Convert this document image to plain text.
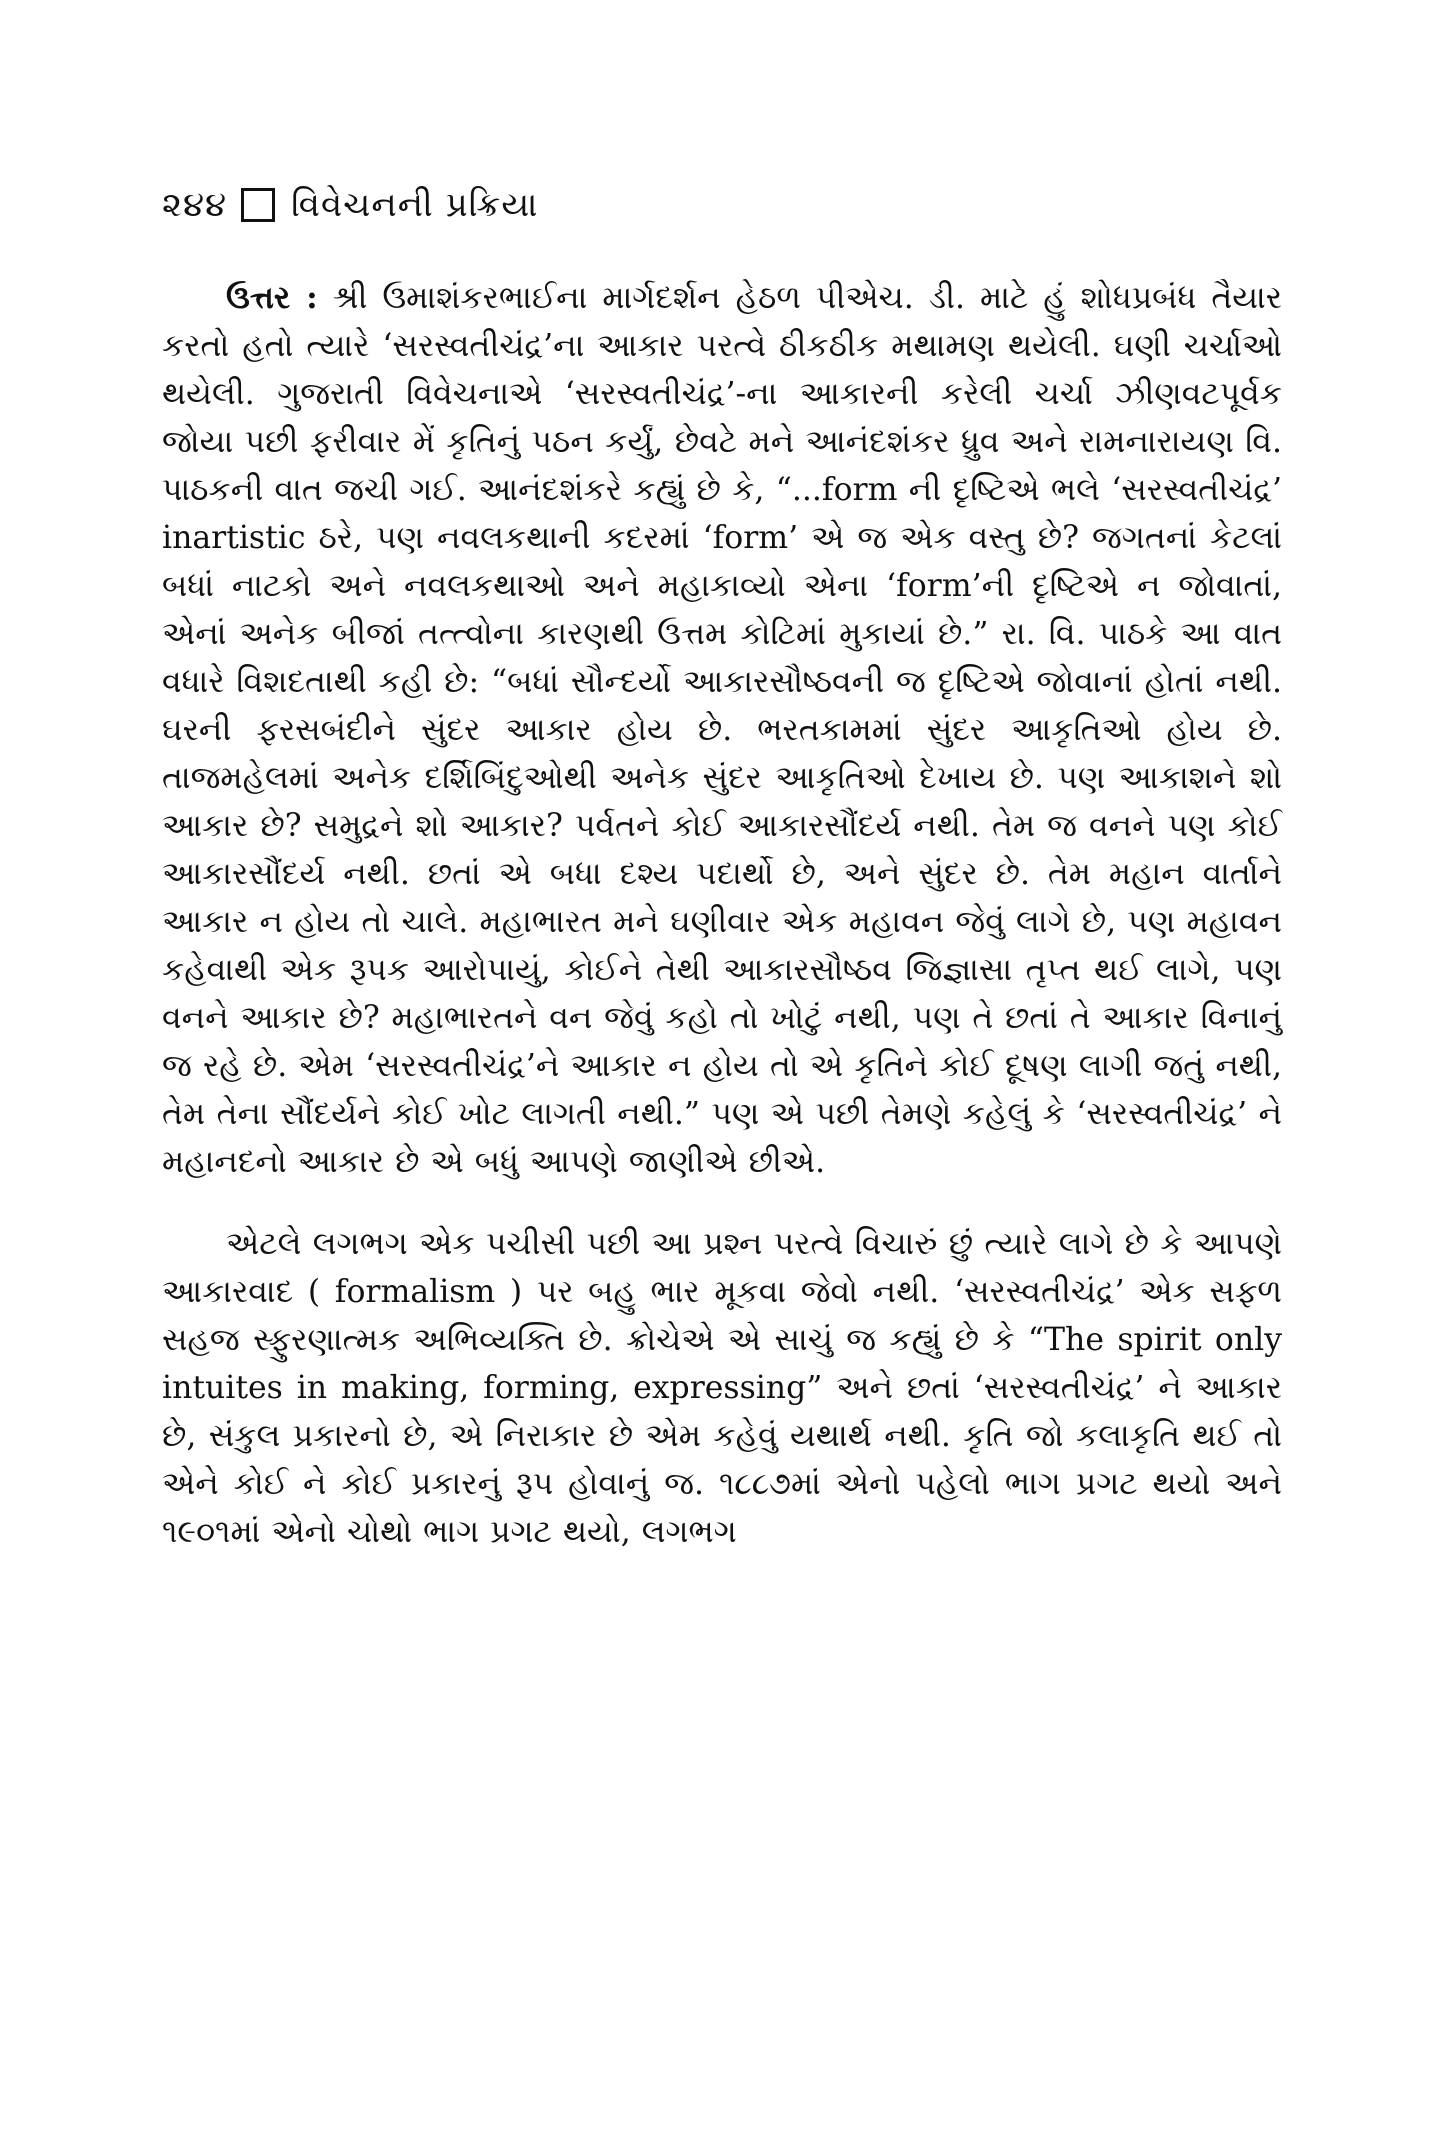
૨૪૪ વિવેચનની પ્રક્રિયા

ઉત્તર : શ્રી ઉમાશંકરભાઈના માર્ગદર્શન હેઠળ પીએચ. ડી. માટે હું શોધપ્રબંધ તૈયાર કરતો હતો ત્યારે ‘સરસ્વતીચંદ્ર’ના આકાર પરત્વે ઠીકઠીક મથામણ થયેલી. ઘણી ચર્ચાઓ થયેલી. ગુજરાતી વિવેચનાએ ‘સરસ્વતીચંદ્ર’-ના આકારની કરેલી ચર્ચા ઝીણવટપૂર્વક જોયા પછી ફરીવાર મેં કૃતિનું પઠન કર્યું, છેવટે મને આનંદશંકર ધ્રુવ અને રામનારાયણ વિ. પાઠકની વાત જચી ગઈ. આનંદશંકરે કહ્યું છે કે, “...form ની દૃષ્ટિએ ભલે ‘સરસ્વતીચંદ્ર’ inartistic ઠરે, પણ નવલકથાની કદરમાં ‘form’ એ જ એક વસ્તુ છે? જગતનાં કેટલાં બધાં નાટકો અને નવલકથાઓ અને મહાકાવ્યો એના ‘form’ની દૃષ્ટિએ ન જોવાતાં, એનાં અનેક બીજાં તત્ત્વોના કારણથી ઉત્તમ કોટિમાં મુકાયાં છે.” રા. વિ. પાઠકે આ વાત વધારે વિશદતાથી કહી છે: “બધાં સૌન્દર્યો આકારસૌષ્ઠવની જ દૃષ્ટિએ જોવાનાં હોતાં નથી. ઘરની ફરસબંદીને સુંદર આકાર હોય છે. ભરતકામમાં સુંદર આકૃતિઓ હોય છે. તાજમહેલમાં અનેક દર્શિબિંદુઓથી અનેક સુંદર આકૃતિઓ દેખાય છે. પણ આકાશને શો આકાર છે? સમુદ્રને શો આકાર? પર્વતને કોઈ આકારસૌંદર્ય નથી. તેમ જ વનને પણ કોઈ આકારસૌંદર્ય નથી. છતાં એ બધા દશ્ય પદાર્થો છે, અને સુંદર છે. તેમ મહાન વાર્તાને આકાર ન હોય તો ચાલે. મહાભારત મને ઘણીવાર એક મહાવન જેવું લાગે છે, પણ મહાવન કહેવાથી એક રૂપક આરોપાયું, કોઈને તેથી આકારસૌષ્ઠવ જિજ્ઞાસા તૃપ્ત થઈ લાગે, પણ વનને આકાર છે? મહાભારતને વન જેવું કહો તો ખોટું નથી, પણ તે છતાં તે આકાર વિનાનું જ રહે છે. એમ ‘સરસ્વતીચંદ્ર’ને આકાર ન હોય તો એ કૃતિને કોઈ દૂષણ લાગી જતું નથી, તેમ તેના સૌંદર્યને કોઈ ખોટ લાગતી નથી.” પણ એ પછી તેમણે કહેલું કે ‘સરસ્વતીચંદ્ર’ ને મહાનદનો આકાર છે એ બધું આપણે જાણીએ છીએ.

એટલે લગભગ એક પચીસી પછી આ પ્રશ્ન પરત્વે વિચારું છું ત્યારે લાગે છે કે આપણે આકારવાદ ( formalism ) પર બહુ ભાર મૂકવા જેવો નથી. ‘સરસ્વતીચંદ્ર’ એક સફળ સહજ સ્ફુરણાત્મક અભિવ્યક્તિ છે. ક્રોચેએ એ સાચું જ કહ્યું છે કે “The spirit only intuites in making, forming, expressing” અને છતાં ‘સરસ્વતીચંદ્ર’ ને આકાર છે, સંકુલ પ્રકારનો છે, એ નિરાકાર છે એમ કહેવું યથાર્થ નથી. કૃતિ જો કલાકૃતિ થઈ તો એને કોઈ ને કોઈ પ્રકારનું રૂપ હોવાનું જ. ૧૮૮૭માં એનો પહેલો ભાગ પ્રગટ થયો અને ૧૯૦૧માં એનો ચોથો ભાગ પ્રગટ થયો, લગભગ
